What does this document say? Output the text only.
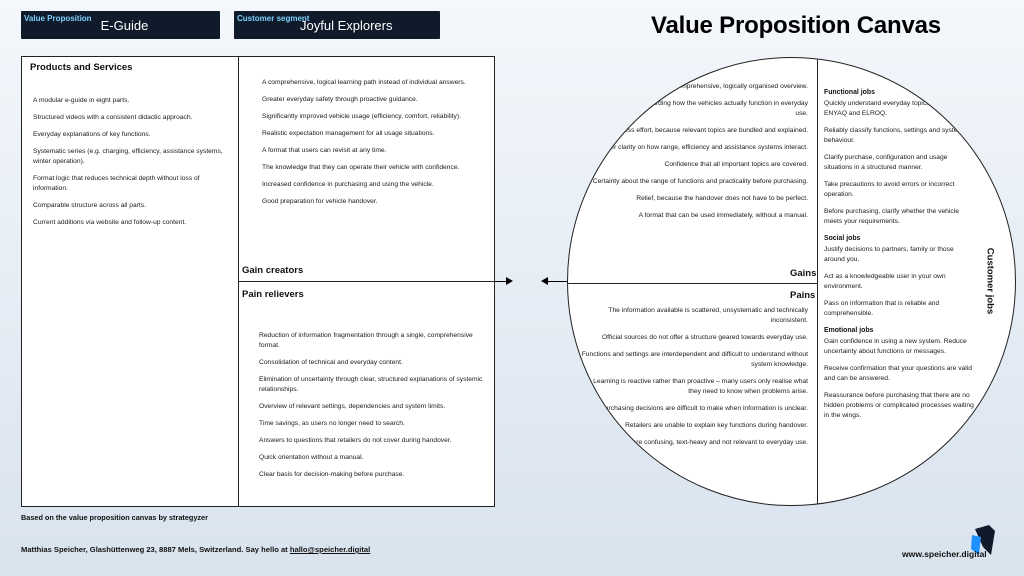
Value Proposition E-Guide	Customer segment
Joyful Explorers	Value Proposition Canvas
Products and Services
A modular e-guide in eight parts.
Structured videos with a consistent didactic approach.
Everyday explanations of key functions.
Systematic series (e.g. charging, efficiency, assistance systems, winter operation).
Format logic that reduces technical depth without loss of information.
Comparable structure across all parts.
Current additions via website and follow-up content.
A comprehensive, logical learning path instead of individual answers.
Greater everyday safety through proactive guidance.
Significantly improved vehicle usage (efficiency, comfort, reliability).
Realistic expectation management for all usage situations.
A format that users can revisit at any time.
The knowledge that they can operate their vehicle with confidence.
Increased confidence in purchasing and using the vehicle.
Good preparation for vehicle handover.
Gain creators
Pain relievers
Reduction of information fragmentation through a single, comprehensive format.
Consolidation of technical and everyday content.
Elimination of uncertainty through clear, structured explanations of systemic relationships.
Overview of relevant settings, dependencies and system limits.
Time savings, as users no longer need to search.
Answers to questions that retailers do not cover during handover.
Quick orientation without a manual.
Clear basis for decision-making before purchase.
A comprehensive, logically organised overview.
Transparency regarding how the vehicles actually function in everyday use.
Less effort, because relevant topics are bundled and explained.
Greater clarity on how range, efficiency and assistance systems interact.
Confidence that all important topics are covered.
Certainty about the range of functions and practicality before purchasing.
Relief, because the handover does not have to be perfect.
A format that can be used immediately, without a manual.
Gains
Pains
The information available is scattered, unsystematic and technically inconsistent.
Official sources do not offer a structure geared towards everyday use.
Functions and settings are interdependent and difficult to understand without system knowledge.
Learning is reactive rather than proactive – many users only realise what they need to know when problems arise.
Purchasing decisions are difficult to make when information is unclear.
Retailers are unable to explain key functions during handover.
Manuals are confusing, text-heavy and not relevant to everyday use.
Functional jobs
Quickly understand everyday topics relating to the ENYAQ and ELROQ.
Reliably classify functions, settings and system behaviour.
Clarify purchase, configuration and usage situations in a structured manner.
Take precautions to avoid errors or incorrect operation.
Before purchasing, clarify whether the vehicle meets your requirements.
Social jobs
Justify decisions to partners, family or those around you.
Act as a knowledgeable user in your own environment.
Pass on information that is reliable and comprehensible.
Emotional jobs
Gain confidence in using a new system. Reduce uncertainty about functions or messages.
Receive confirmation that your questions are valid and can be answered.
Reassurance before purchasing that there are no hidden problems or complicated processes waiting in the wings.
Customer jobs
Based on the value proposition canvas by strategyzer
Matthias Speicher, Glashüttenweg 23, 8887 Mels, Switzerland. Say hello at hallo@speicher.digital	www.speicher.digital
